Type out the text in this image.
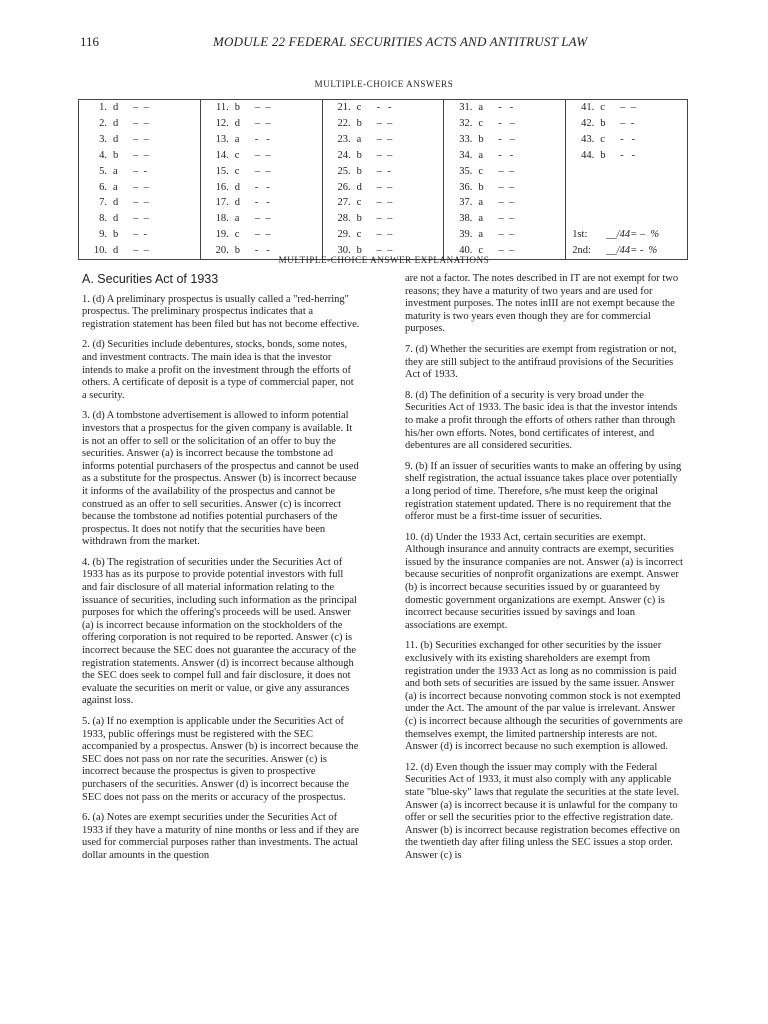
116	MODULE 22 FEDERAL SECURITIES ACTS AND ANTITRUST LAW
MULTIPLE-CHOICE ANSWERS
1. d –  –	11. b –  –	21. c -   -	31. a -   -	41. c –  –

2. d –  –	12. d –  –	22. b –  –	32. c -   –	42. b –  -

3. d –  –	13. a -   -	23. a –  –	33. b -   –	43. c -   -

4. b –  –	14. c –  –	24. b –  –	34. a -   -	44. b -   -

5. a –  -	15. c –  –	25. b –  -	35. c –  –	

6. a –  –	16. d -   -	26. d –  –	36. b –  –	

7. d –  –	17. d -   -	27. c –  –	37. a –  –	

8. d –  –	18. a –  –	28. b –  –	38. a –  –	

9. b –  -	19. c –  –	29. c –  –	39. a –  –	1st: __/44= –  %

10. d –  –	20. b -   -	30. b –  –	40. c –  –	2nd: __/44= -  %
MULTIPLE-CHOICE ANSWER EXPLANATIONS
A. Securities Act of 1933

1. (d) A preliminary prospectus is usually called a "red-herring" prospectus. The preliminary prospectus indicates that a registration statement has been filed but has not become effective.

2. (d) Securities include debentures, stocks, bonds, some notes, and investment contracts. The main idea is that the investor intends to make a profit on the investment through the efforts of others. A certificate of deposit is a type of commercial paper, not a security.

3. (d) A tombstone advertisement is allowed to inform potential investors that a prospectus for the given company is available. It is not an offer to sell or the solicitation of an offer to buy the securities. Answer (a) is incorrect because the tombstone ad informs potential purchasers of the prospectus and cannot be used as a substitute for the prospectus. Answer (b) is incorrect because it informs of the availability of the prospectus and cannot be construed as an offer to sell securities. Answer (c) is incorrect because the tombstone ad notifies potential purchasers of the prospectus. It does not notify that the securities have been withdrawn from the market.

4. (b) The registration of securities under the Securities Act of 1933 has as its purpose to provide potential investors with full and fair disclosure of all material information relating to the issuance of securities, including such information as the principal purposes for which the offering's proceeds will be used. Answer (a) is incorrect because information on the stockholders of the offering corporation is not required to be reported. Answer (c) is incorrect because the SEC does not guarantee the accuracy of the registration statements. Answer (d) is incorrect because although the SEC does seek to compel full and fair disclosure, it does not evaluate the securities on merit or value, or give any assurances against loss.

5. (a) If no exemption is applicable under the Securities Act of 1933, public offerings must be registered with the SEC accompanied by a prospectus. Answer (b) is incorrect because the SEC does not pass on nor rate the securities. Answer (c) is incorrect because the prospectus is given to prospective purchasers of the securities. Answer (d) is incorrect because the SEC does not pass on the merits or accuracy of the prospectus.

6. (a) Notes are exempt securities under the Securities Act of 1933 if they have a maturity of nine months or less and if they are used for commercial purposes rather than investments. The actual dollar amounts in the question

are not a factor. The notes described in IT are not exempt for two reasons; they have a maturity of two years and are used for investment purposes. The notes inIII are not exempt because the maturity is two years even though they are for commercial purposes.

7. (d) Whether the securities are exempt from registration or not, they are still subject to the antifraud provisions of the Securities Act of 1933.

8. (d) The definition of a security is very broad under the Securities Act of 1933. The basic idea is that the investor intends to make a profit through the efforts of others rather than through his/her own efforts. Notes, bond certificates of interest, and debentures are all considered securities.

9. (b) If an issuer of securities wants to make an offering by using shelf registration, the actual issuance takes place over potentially a long period of time. Therefore, s/he must keep the original registration statement updated. There is no requirement that the offeror must be a first-time issuer of securities.

10. (d) Under the 1933 Act, certain securities are exempt. Although insurance and annuity contracts are exempt, securities issued by the insurance companies are not. Answer (a) is incorrect because securities of nonprofit organizations are exempt. Answer (b) is incorrect because securities issued by or guaranteed by domestic government organizations are exempt. Answer (c) is incorrect because securities issued by savings and loan associations are exempt.

11. (b) Securities exchanged for other securities by the issuer exclusively with its existing shareholders are exempt from registration under the 1933 Act as long as no commission is paid and both sets of securities are issued by the same issuer. Answer (a) is incorrect because nonvoting common stock is not exempted under the Act. The amount of the par value is irrelevant. Answer (c) is incorrect because although the securities of governments are themselves exempt, the limited partnership interests are not. Answer (d) is incorrect because no such exemption is allowed.

12. (d) Even though the issuer may comply with the Federal Securities Act of 1933, it must also comply with any applicable state "blue-sky" laws that regulate the securities at the state level. Answer (a) is incorrect because it is unlawful for the company to offer or sell the securities prior to the effective registration date. Answer (b) is incorrect because registration becomes effective on the twentieth day after filing unless the SEC issues a stop order. Answer (c) is
